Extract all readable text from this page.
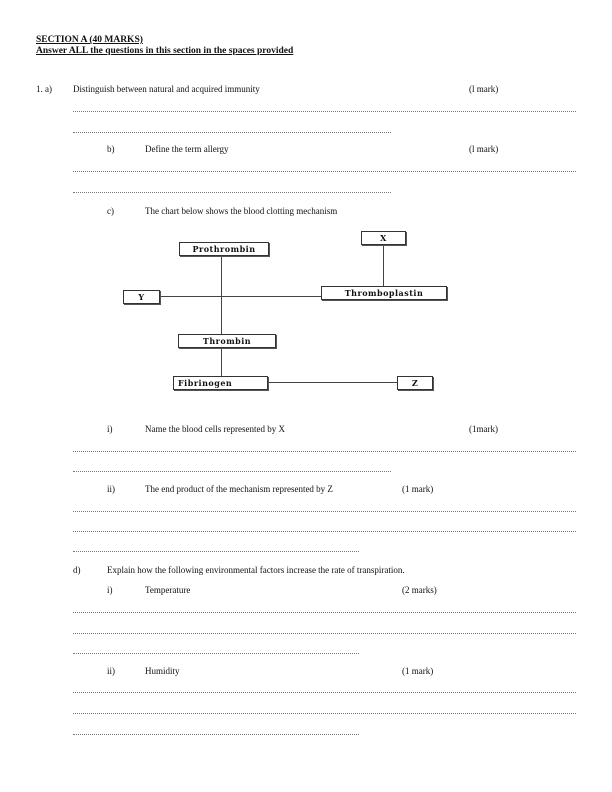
SECTION A (40 MARKS)
Answer ALL the questions in this section in the spaces provided
1. a) Distinguish between natural and acquired immunity	(l mark)
b)	Define the term allergy	(l mark)
c)	The chart below shows the blood clotting mechanism
Prothrombin
X
Y	Thromboplastin
Thrombin
Fibrinogen	Z
i)	Name the blood cells represented by X	(1mark)
ii)	The end product of the mechanism represented by Z	(1 mark)
d)	Explain how the following environmental factors increase the rate of transpiration.
i)	Temperature	(2 marks)
ii)	Humidity	(1 mark)
